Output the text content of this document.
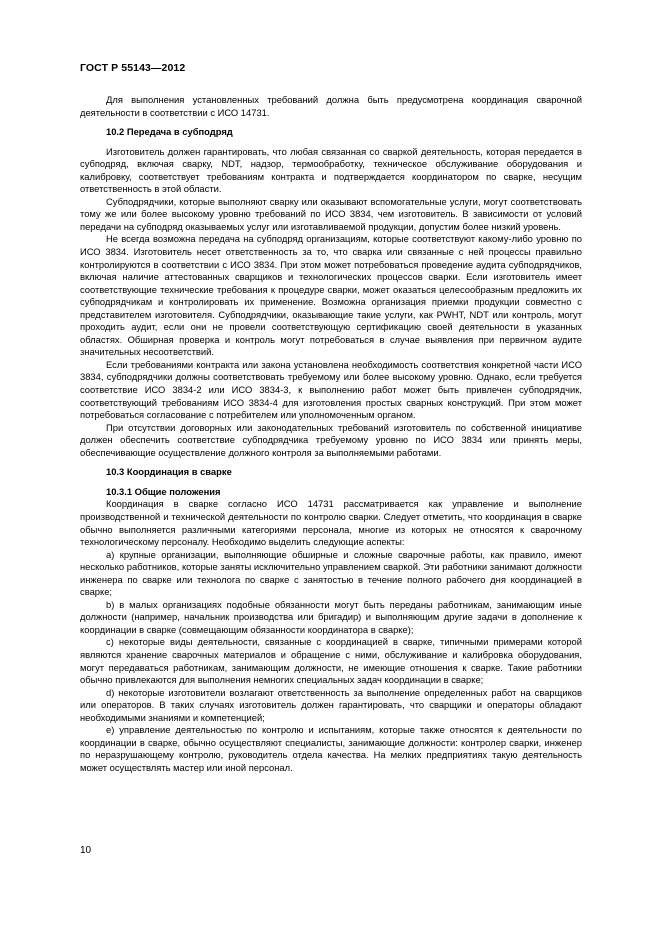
ГОСТ Р 55143—2012

Для выполнения установленных требований должна быть предусмотрена координация сварочной деятельности в соответствии с ИСО 14731.

10.2 Передача в субподряд

Изготовитель должен гарантировать, что любая связанная со сваркой деятельность, которая передается в субподряд, включая сварку, NDT, надзор, термообработку, техническое обслуживание оборудования и калибровку, соответствует требованиям контракта и подтверждается координатором по сварке, несущим ответственность в этой области.

Субподрядчики, которые выполняют сварку или оказывают вспомогательные услуги, могут соответствовать тому же или более высокому уровню требований по ИСО 3834, чем изготовитель. В зависимости от условий передачи на субподряд оказываемых услуг или изготавливаемой продукции, допустим более низкий уровень.

Не всегда возможна передача на субподряд организациям, которые соответствуют какому-либо уровню по ИСО 3834. Изготовитель несет ответственность за то, что сварка или связанные с ней процессы правильно контролируются в соответствии с ИСО 3834. При этом может потребоваться проведение аудита субподрядчиков, включая наличие аттестованных сварщиков и технологических процессов сварки. Если изготовитель имеет соответствующие технические требования к процедуре сварки, может оказаться целесообразным предложить их субподрядчикам и контролировать их применение. Возможна организация приемки продукции совместно с представителем изготовителя. Субподрядчики, оказывающие такие услуги, как PWHT, NDT или контроль, могут проходить аудит, если они не провели соответствующую сертификацию своей деятельности в указанных областях. Обширная проверка и контроль могут потребоваться в случае выявления при первичном аудите значительных несоответствий.

Если требованиями контракта или закона установлена необходимость соответствия конкретной части ИСО 3834, субподрядчики должны соответствовать требуемому или более высокому уровню. Однако, если требуется соответствие ИСО 3834-2 или ИСО 3834-3, к выполнению работ может быть привлечен субподрядчик, соответствующий требованиям ИСО 3834-4 для изготовления простых сварных конструкций. При этом может потребоваться согласование с потребителем или уполномоченным органом.

При отсутствии договорных или законодательных требований изготовитель по собственной инициативе должен обеспечить соответствие субподрядчика требуемому уровню по ИСО 3834 или принять меры, обеспечивающие осуществление должного контроля за выполняемыми работами.

10.3 Координация в сварке

10.3.1 Общие положения

Координация в сварке согласно ИСО 14731 рассматривается как управление и выполнение производственной и технической деятельности по контролю сварки. Следует отметить, что координация в сварке обычно выполняется различными категориями персонала, многие из которых не относятся к сварочному технологическому персоналу. Необходимо выделить следующие аспекты:

a) крупные организации, выполняющие обширные и сложные сварочные работы, как правило, имеют несколько работников, которые заняты исключительно управлением сваркой. Эти работники занимают должности инженера по сварке или технолога по сварке с занятостью в течение полного рабочего дня координацией в сварке;

b) в малых организациях подобные обязанности могут быть переданы работникам, занимающим иные должности (например, начальник производства или бригадир) и выполняющим другие задачи в дополнение к координации в сварке (совмещающим обязанности координатора в сварке);

c) некоторые виды деятельности, связанные с координацией в сварке, типичными примерами которой являются хранение сварочных материалов и обращение с ними, обслуживание и калибровка оборудования, могут передаваться работникам, занимающим должности, не имеющие отношения к сварке. Такие работники обычно привлекаются для выполнения немногих специальных задач координации в сварке;

d) некоторые изготовители возлагают ответственность за выполнение определенных работ на сварщиков или операторов. В таких случаях изготовитель должен гарантировать, что сварщики и операторы обладают необходимыми знаниями и компетенцией;

e) управление деятельностью по контролю и испытаниям, которые также относятся к деятельности по координации в сварке, обычно осуществляют специалисты, занимающие должности: контролер сварки, инженер по неразрушающему контролю, руководитель отдела качества. На мелких предприятиях такую деятельность может осуществлять мастер или иной персонал.

10
